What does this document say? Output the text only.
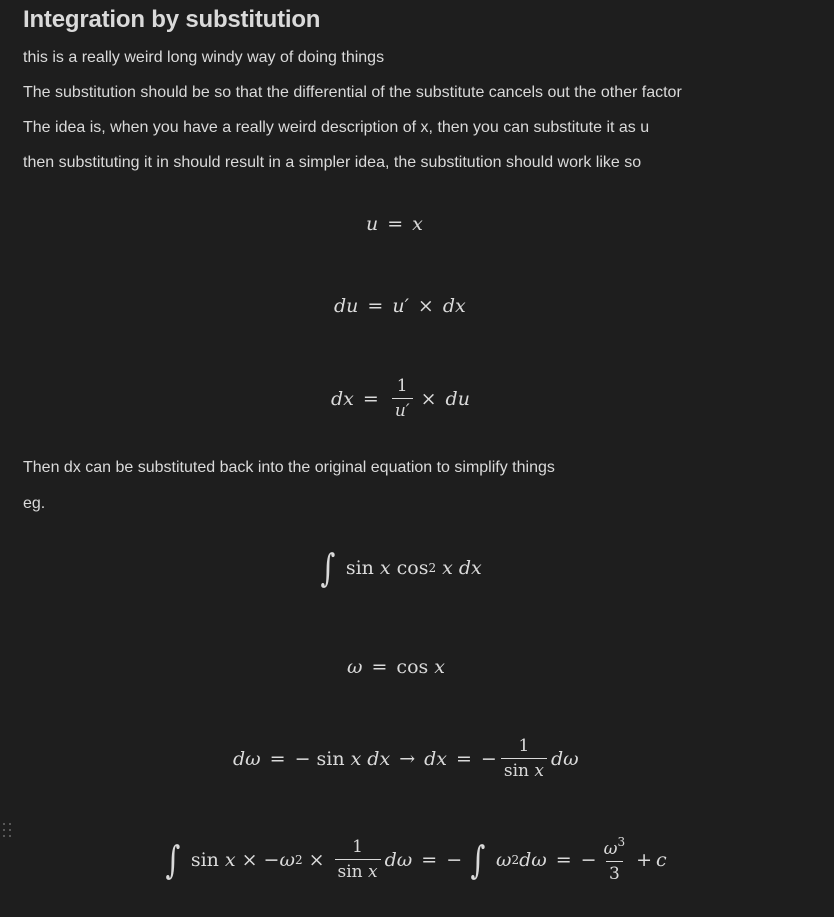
Integration by substitution
this is a really weird long windy way of doing things
The substitution should be so that the differential of the substitute cancels out the other factor
The idea is, when you have a really weird description of x, then you can substitute it as u
then substituting it in should result in a simpler idea, the substitution should work like so
u = x
du = u′ × dx
dx = $\frac{1}{u'}$ × du
Then dx can be substituted back into the original equation to simplify things
eg.
∫ sin x cos 2 x dx
ω = cos x
dω = − sin x dx → dx = − $\frac{1}{\text{sin x}}$ dω
∫ sin x × − ω $2 \times \frac{1}{\text{sin x}}$ dω = − ∫ ω 2 dω = − $\frac{\omega^3}{3} + c$
